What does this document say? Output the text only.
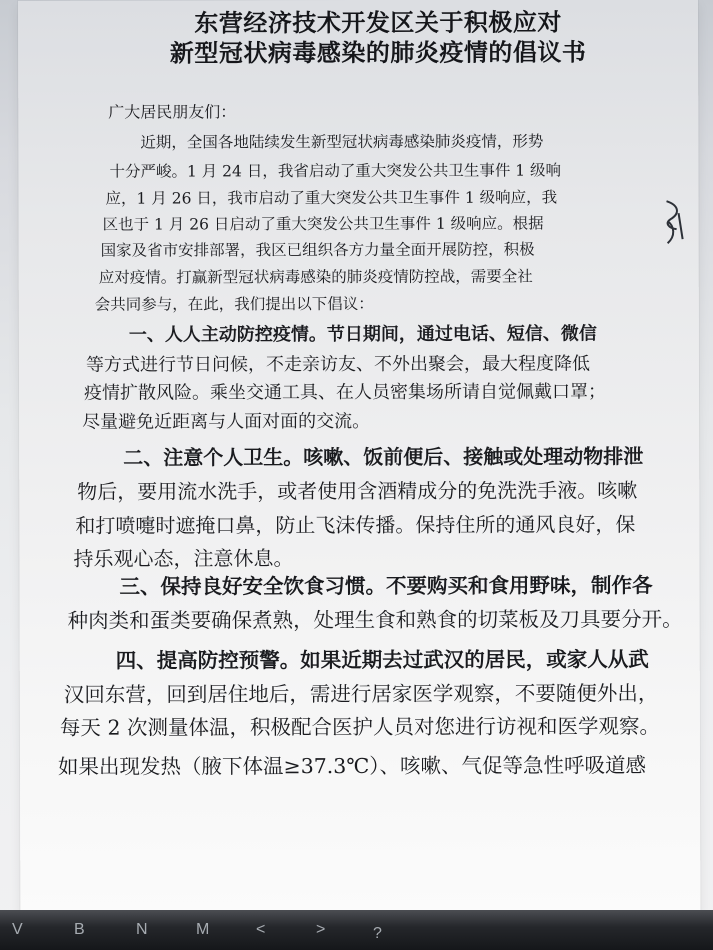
东营经济技术开发区关于积极应对
新型冠状病毒感染的肺炎疫情的倡议书
广大居民朋友们：
近期，全国各地陆续发生新型冠状病毒感染肺炎疫情，形势
十分严峻。1 月 24 日，我省启动了重大突发公共卫生事件 1 级响
应，1 月 26 日，我市启动了重大突发公共卫生事件 1 级响应，我
区也于 1 月 26 日启动了重大突发公共卫生事件 1 级响应。根据
国家及省市安排部署，我区已组织各方力量全面开展防控，积极
应对疫情。打赢新型冠状病毒感染的肺炎疫情防控战，需要全社
会共同参与，在此，我们提出以下倡议：
一、人人主动防控疫情。节日期间，通过电话、短信、微信
等方式进行节日问候，不走亲访友、不外出聚会，最大程度降低
疫情扩散风险。乘坐交通工具、在人员密集场所请自觉佩戴口罩；
尽量避免近距离与人面对面的交流。
二、注意个人卫生。咳嗽、饭前便后、接触或处理动物排泄
物后，要用流水洗手，或者使用含酒精成分的免洗洗手液。咳嗽
和打喷嚏时遮掩口鼻，防止飞沫传播。保持住所的通风良好，保
持乐观心态，注意休息。
三、保持良好安全饮食习惯。不要购买和食用野味，制作各
种肉类和蛋类要确保煮熟，处理生食和熟食的切菜板及刀具要分开。
四、提高防控预警。如果近期去过武汉的居民，或家人从武
汉回东营，回到居住地后，需进行居家医学观察，不要随便外出，
每天 2 次测量体温，积极配合医护人员对您进行访视和医学观察。
如果出现发热（腋下体温≥37.3℃）、咳嗽、气促等急性呼吸道感
V	B	N	M	<	>	?
